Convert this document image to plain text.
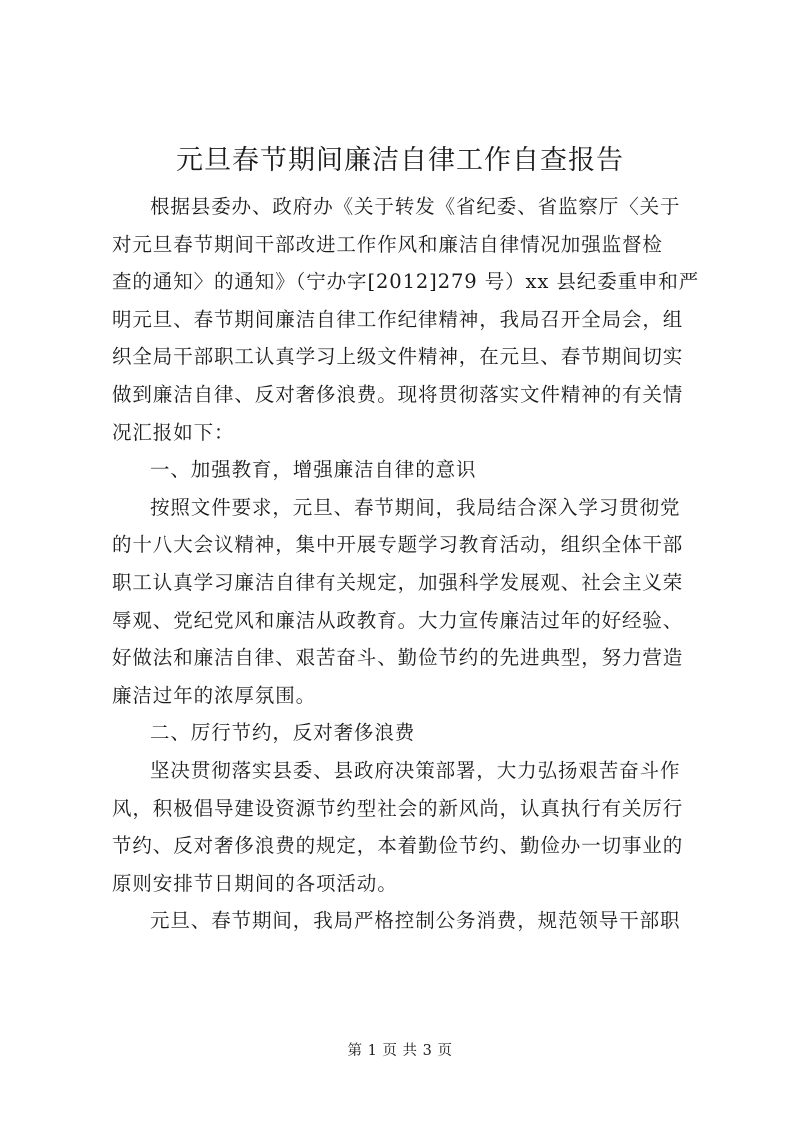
元旦春节期间廉洁自律工作自查报告
根据县委办、政府办《关于转发《省纪委、省监察厅〈关于
对元旦春节期间干部改进工作作风和廉洁自律情况加强监督检
查的通知〉的通知》（宁办字[2012]279 号）xx 县纪委重申和严
明元旦、春节期间廉洁自律工作纪律精神，我局召开全局会，组
织全局干部职工认真学习上级文件精神，在元旦、春节期间切实
做到廉洁自律、反对奢侈浪费。现将贯彻落实文件精神的有关情
况汇报如下：
一、加强教育，增强廉洁自律的意识
按照文件要求，元旦、春节期间，我局结合深入学习贯彻党
的十八大会议精神，集中开展专题学习教育活动，组织全体干部
职工认真学习廉洁自律有关规定，加强科学发展观、社会主义荣
辱观、党纪党风和廉洁从政教育。大力宣传廉洁过年的好经验、
好做法和廉洁自律、艰苦奋斗、勤俭节约的先进典型，努力营造
廉洁过年的浓厚氛围。
二、厉行节约，反对奢侈浪费
坚决贯彻落实县委、县政府决策部署，大力弘扬艰苦奋斗作
风，积极倡导建设资源节约型社会的新风尚，认真执行有关厉行
节约、反对奢侈浪费的规定，本着勤俭节约、勤俭办一切事业的
原则安排节日期间的各项活动。
元旦、春节期间，我局严格控制公务消费，规范领导干部职
第 1 页 共 3 页
